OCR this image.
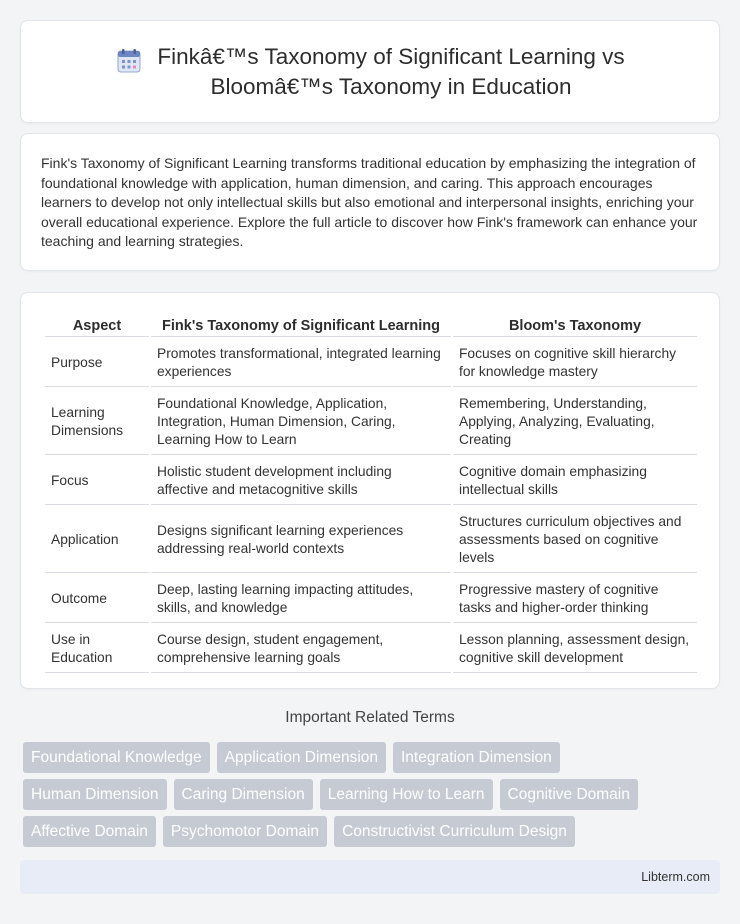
Finkâ€™s Taxonomy of Significant Learning vs
Bloomâ€™s Taxonomy in Education

Fink's Taxonomy of Significant Learning transforms traditional education by emphasizing the integration of foundational knowledge with application, human dimension, and caring. This approach encourages learners to develop not only intellectual skills but also emotional and interpersonal insights, enriching your overall educational experience. Explore the full article to discover how Fink's framework can enhance your teaching and learning strategies.

Aspect	Fink's Taxonomy of Significant Learning	Bloom's Taxonomy
Purpose	Promotes transformational, integrated learning experiences	Focuses on cognitive skill hierarchy for knowledge mastery
Learning Dimensions	Foundational Knowledge, Application, Integration, Human Dimension, Caring, Learning How to Learn	Remembering, Understanding, Applying, Analyzing, Evaluating, Creating
Focus	Holistic student development including affective and metacognitive skills	Cognitive domain emphasizing intellectual skills
Application	Designs significant learning experiences addressing real-world contexts	Structures curriculum objectives and assessments based on cognitive levels
Outcome	Deep, lasting learning impacting attitudes, skills, and knowledge	Progressive mastery of cognitive tasks and higher-order thinking
Use in Education	Course design, student engagement, comprehensive learning goals	Lesson planning, assessment design, cognitive skill development
Important Related Terms
Foundational Knowledge	Application Dimension	Integration Dimension
Human Dimension	Caring Dimension	Learning How to Learn	Cognitive Domain
Affective Domain	Psychomotor Domain	Constructivist Curriculum Design
Libterm.com
